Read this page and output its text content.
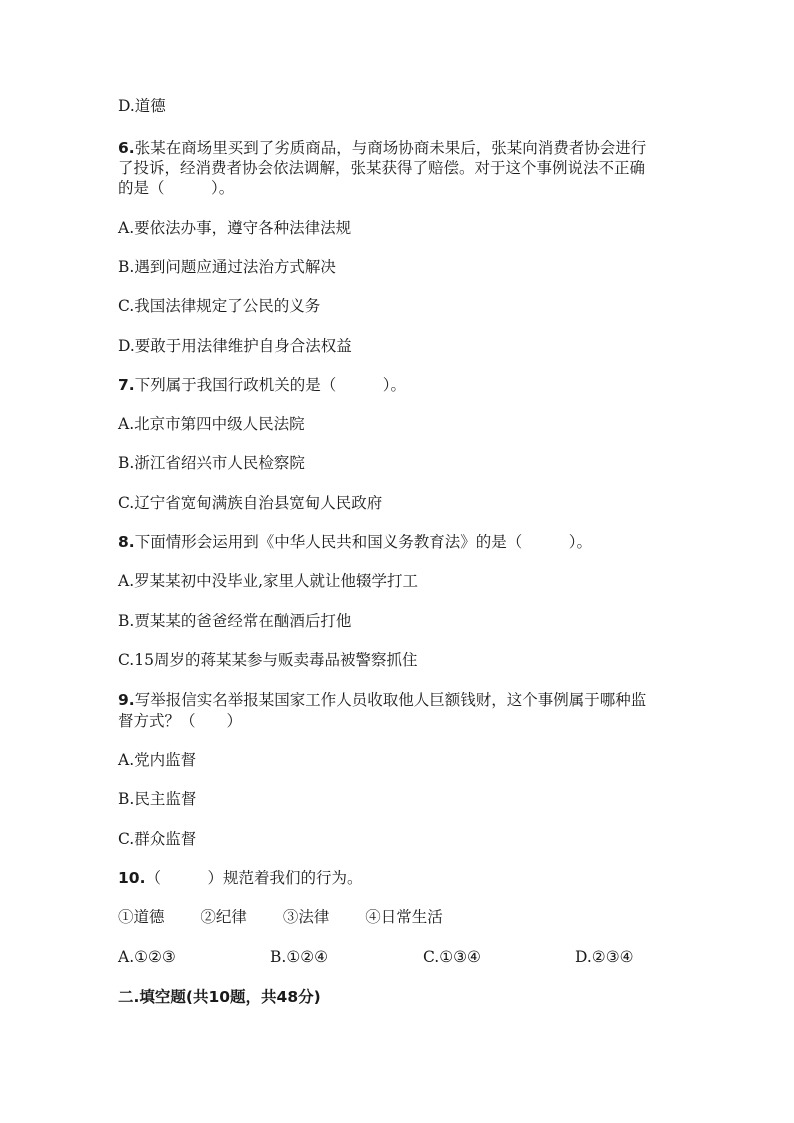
D.道德
6.张某在商场里买到了劣质商品，与商场协商未果后，张某向消费者协会进行
了投诉，经消费者协会依法调解，张某获得了赔偿。对于这个事例说法不正确
的是（　　　）。
A.要依法办事，遵守各种法律法规
B.遇到问题应通过法治方式解决
C.我国法律规定了公民的义务
D.要敢于用法律维护自身合法权益
7.下列属于我国行政机关的是（　　　）。
A.北京市第四中级人民法院
B.浙江省绍兴市人民检察院
C.辽宁省宽甸满族自治县宽甸人民政府
8.下面情形会运用到《中华人民共和国义务教育法》的是（　　　）。
A.罗某某初中没毕业,家里人就让他辍学打工
B.贾某某的爸爸经常在酗酒后打他
C.15周岁的蒋某某参与贩卖毒品被警察抓住
9.写举报信实名举报某国家工作人员收取他人巨额钱财，这个事例属于哪种监
督方式？（　　）
A.党内监督
B.民主监督
C.群众监督
10.（　　　）规范着我们的行为。
①道德　　 ②纪律　　 ③法律　　 ④日常生活
A.①②③	B.①②④	C.①③④	D.②③④
二.填空题(共10题，共48分)
